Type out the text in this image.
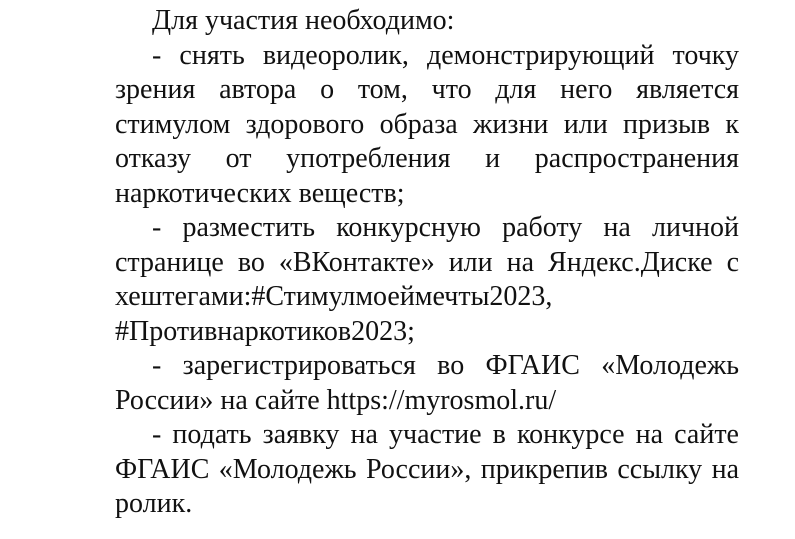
Для участия необходимо:

- снять видеоролик, демонстрирующий точку зрения автора о том, что для него является стимулом здорового образа жизни или призыв к отказу от употребления и распространения наркотических веществ;

- разместить конкурсную работу на личной странице во «ВКонтакте» или на Яндекс.Диске с хештегами:#Стимулмоеймечты2023, #Противнаркотиков2023;

- зарегистрироваться во ФГАИС «Молодежь России» на сайте https://myrosmol.ru/

- подать заявку на участие в конкурсе на сайте ФГАИС «Молодежь России», прикрепив ссылку на ролик.
